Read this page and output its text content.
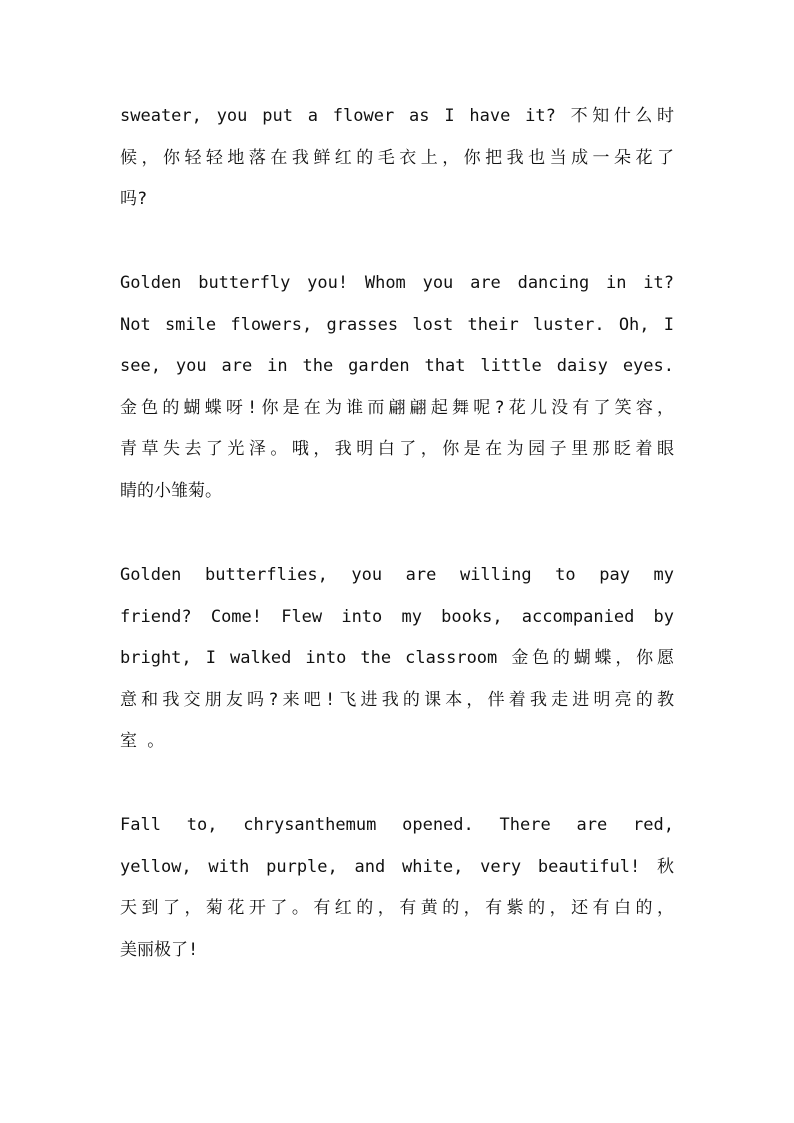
sweater, you put a flower as I have it? 不知什么时
候，你轻轻地落在我鲜红的毛衣上，你把我也当成一朵花了
吗?
Golden butterfly you! Whom you are dancing in it?
Not smile flowers, grasses lost their luster. Oh, I
see, you are in the garden that little daisy eyes.
金色的蝴蝶呀!你是在为谁而翩翩起舞呢?花儿没有了笑容，
青草失去了光泽。哦，我明白了，你是在为园子里那眨着眼
睛的小雏菊。
Golden butterflies, you are willing to pay my
friend? Come! Flew into my books, accompanied by
bright, I walked into the classroom 金色的蝴蝶，你愿
意和我交朋友吗?来吧!飞进我的课本，伴着我走进明亮的教
室 。
Fall to, chrysanthemum opened. There are red,
yellow, with purple, and white, very beautiful! 秋
天到了，菊花开了。有红的，有黄的，有紫的，还有白的，
美丽极了!
